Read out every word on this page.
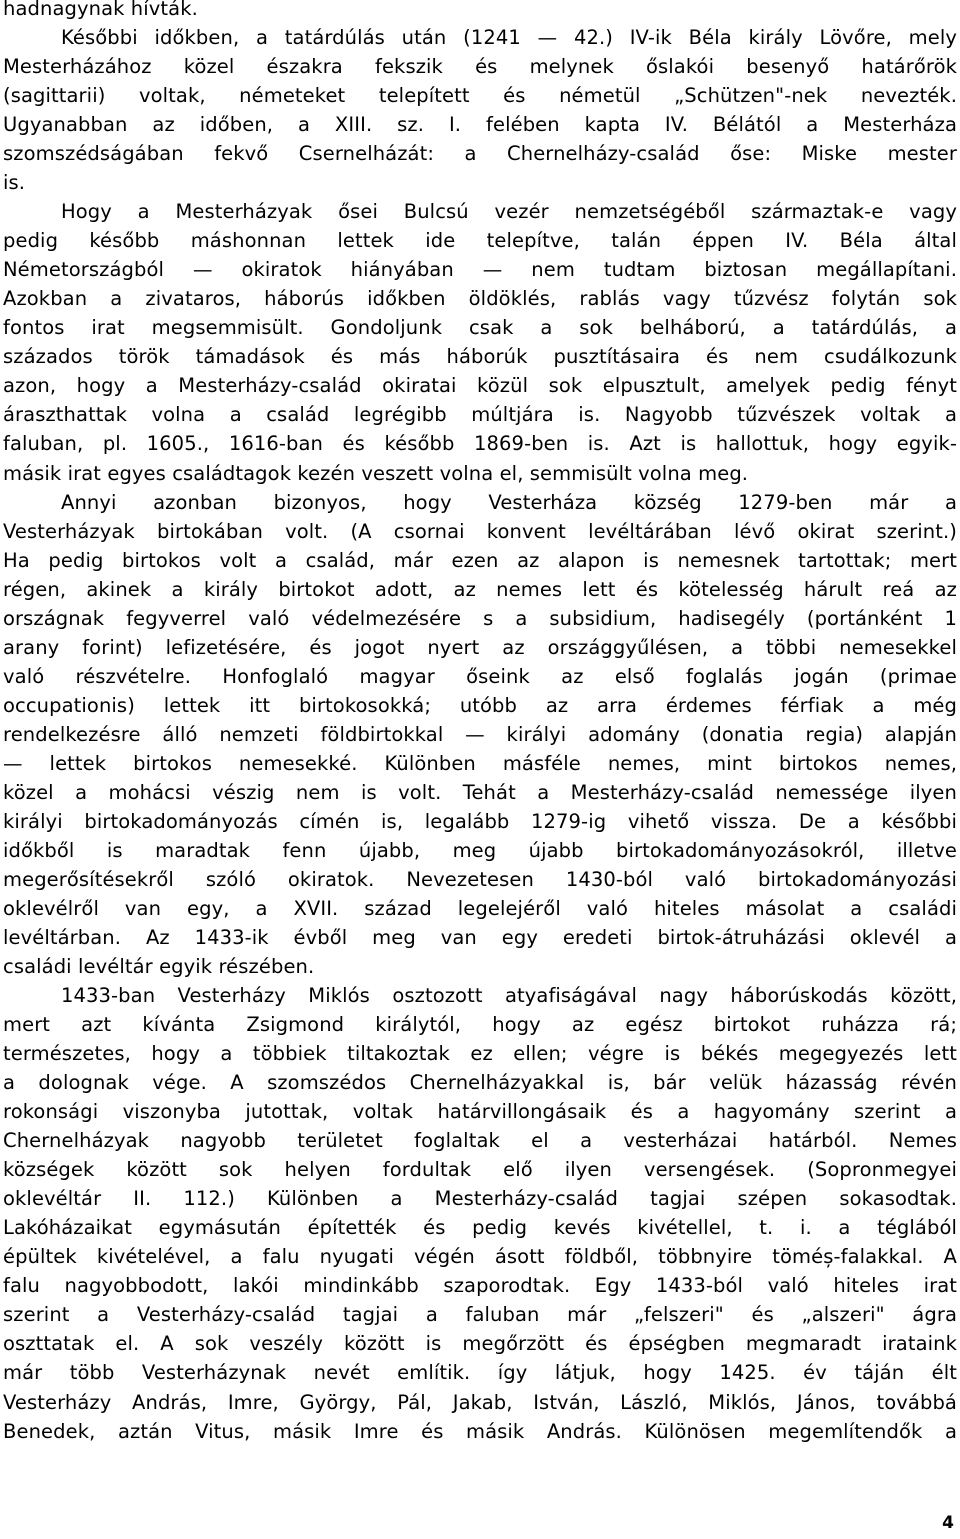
hadnagynak hívták.
Későbbi időkben, a tatárdúlás után (1241 — 42.) IV-ik Béla király Lövőre, mely
Mesterházához közel északra fekszik és melynek őslakói besenyő határőrök
(sagittarii) voltak, németeket telepített és németül „Schützen"-nek nevezték.
Ugyanabban az időben, a XIII. sz. I. felében kapta IV. Bélától a Mesterháza
szomszédságában fekvő Csernelházát: a Chernelházy-család őse: Miske mester
is.
Hogy a Mesterházyak ősei Bulcsú vezér nemzetségéből származtak-e vagy
pedig később máshonnan lettek ide telepítve, talán éppen IV. Béla által
Németországból — okiratok hiányában — nem tudtam biztosan megállapítani.
Azokban a zivataros, háborús időkben öldöklés, rablás vagy tűzvész folytán sok
fontos irat megsemmisült. Gondoljunk csak a sok belháború, a tatárdúlás, a
százados török támadások és más háborúk pusztításaira és nem csudálkozunk
azon, hogy a Mesterházy-család okiratai közül sok elpusztult, amelyek pedig fényt
áraszthattak volna a család legrégibb múltjára is. Nagyobb tűzvészek voltak a
faluban, pl. 1605., 1616-ban és később 1869-ben is. Azt is hallottuk, hogy egyik-
másik irat egyes családtagok kezén veszett volna el, semmisült volna meg.
Annyi azonban bizonyos, hogy Vesterháza község 1279-ben már a
Vesterházyak birtokában volt. (A csornai konvent levéltárában lévő okirat szerint.)
Ha pedig birtokos volt a család, már ezen az alapon is nemesnek tartottak; mert
régen, akinek a király birtokot adott, az nemes lett és kötelesség hárult reá az
országnak fegyverrel való védelmezésére s a subsidium, hadisegély (portánként 1
arany forint) lefizetésére, és jogot nyert az országgyűlésen, a többi nemesekkel
való részvételre. Honfoglaló magyar őseink az első foglalás jogán (primae
occupationis) lettek itt birtokosokká; utóbb az arra érdemes férfiak a még
rendelkezésre álló nemzeti földbirtokkal — királyi adomány (donatia regia) alapján
— lettek birtokos nemesekké. Különben másféle nemes, mint birtokos nemes,
közel a mohácsi vészig nem is volt. Tehát a Mesterházy-család nemessége ilyen
királyi birtokadományozás címén is, legalább 1279-ig vihető vissza. De a későbbi
időkből is maradtak fenn újabb, meg újabb birtokadományozásokról, illetve
megerősítésekről szóló okiratok. Nevezetesen 1430-ból való birtokadományozási
oklevélről van egy, a XVII. század legelejéről való hiteles másolat a családi
levéltárban. Az 1433-ik évből meg van egy eredeti birtok-átruházási oklevél a
családi levéltár egyik részében.
1433-ban Vesterházy Miklós osztozott atyafiságával nagy háborúskodás között,
mert azt kívánta Zsigmond királytól, hogy az egész birtokot ruházza rá;
természetes, hogy a többiek tiltakoztak ez ellen; végre is békés megegyezés lett
a dolognak vége. A szomszédos Chernelházyakkal is, bár velük házasság révén
rokonsági viszonyba jutottak, voltak határvillongásaik és a hagyomány szerint a
Chernelházyak nagyobb területet foglaltak el a vesterházai határból. Nemes
községek között sok helyen fordultak elő ilyen versengések. (Sopronmegyei
oklevéltár II. 112.) Különben a Mesterházy-család tagjai szépen sokasodtak.
Lakóházaikat egymásután építették és pedig kevés kivétellel, t. i. a téglából
épültek kivételével, a falu nyugati végén ásott földből, többnyire töméș-falakkal. A
falu nagyobbodott, lakói mindinkább szaporodtak. Egy 1433-ból való hiteles irat
szerint a Vesterházy-család tagjai a faluban már „felszeri" és „alszeri" ágra
oszttatak el. A sok veszély között is megőrzött és épségben megmaradt irataink
már több Vesterházynak nevét említik. így látjuk, hogy 1425. év táján élt
Vesterházy András, Imre, György, Pál, Jakab, István, László, Miklós, János, továbbá
Benedek, aztán Vitus, másik Imre és másik András. Különösen megemlítendők a
4
